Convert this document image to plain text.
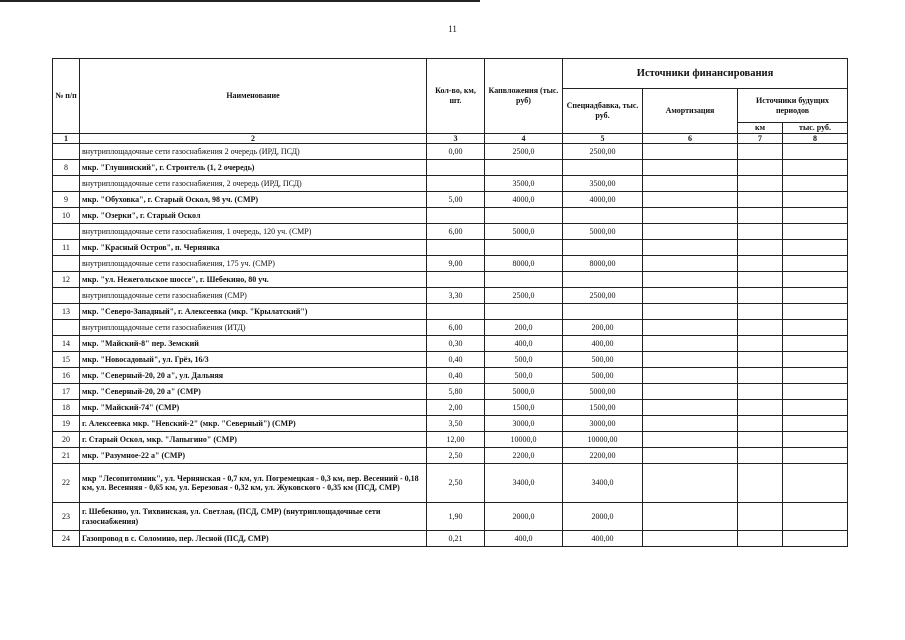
11
№ п/п	Наименование	Кол-во, км, шт.	Капвложения (тыс. руб)	Источники финансирования			
				Спецнадбавка, тыс. руб.	Амортизация	Источники будущих периодов	
						км	тыс. руб.
1	2	3	4	5	6	7	8
	внутриплощадочные сети газоснабжения 2 очередь (ИРД, ПСД)	0,00	2500,0	2500,00			
8	мкр. "Глушинский", г. Строитель (1, 2 очередь)						
	внутриплощадочные сети газоснабжения, 2 очередь (ИРД, ПСД)		3500,0	3500,00			
9	мкр. "Обуховка", г. Старый Оскол, 98 уч. (СМР)	5,00	4000,0	4000,00			
10	мкр. "Озерки", г. Старый Оскол						
	внутриплощадочные сети газоснабжения, 1 очередь, 120 уч. (СМР)	6,00	5000,0	5000,00			
11	мкр. "Красный Остров", п. Чернянка						
	внутриплощадочные сети газоснабжения, 175 уч. (СМР)	9,00	8000,0	8000,00			
12	мкр. "ул. Нежегольское шоссе", г. Шебекино, 80 уч.						
	внутриплощадочные сети газоснабжения (СМР)	3,30	2500,0	2500,00			
13	мкр. "Северо-Западный", г. Алексеевка (мкр. "Крылатский")						
	внутриплощадочные сети газоснабжения (ИТД)	6,00	200,0	200,00			
14	мкр. "Майский-8" пер. Земский	0,30	400,0	400,00			
15	мкр. "Новосадовый", ул. Грёз, 16/3	0,40	500,0	500,00			
16	мкр. "Северный-20, 20 а", ул. Дальняя	0,40	500,0	500,00			
17	мкр. "Северный-20, 20 а" (СМР)	5,80	5000,0	5000,00			
18	мкр. "Майский-74" (СМР)	2,00	1500,0	1500,00			
19	г. Алексеевка мкр. "Невский-2" (мкр. "Северный") (СМР)	3,50	3000,0	3000,00			
20	г. Старый Оскол, мкр. "Лапыгино" (СМР)	12,00	10000,0	10000,00			
21	мкр. "Разумное-22 а" (СМР)	2,50	2200,0	2200,00			
22	мкр "Лесопитомник", ул. Чернянская - 0,7 км, ул. Погремецкая - 0,3 км, пер. Весенний - 0,18 км, ул. Весенняя - 0,65 км, ул. Березовая - 0,32 км, ул. Жуковского - 0,35 км (ПСД, СМР)	2,50	3400,0	3400,0			
23	г. Шебекино, ул. Тихвинская, ул. Светлая, (ПСД, СМР) (внутриплощадочные сети газоснабжения)	1,90	2000,0	2000,0			
24	Газопровод в с. Соломино, пер. Лесной (ПСД, СМР)	0,21	400,0	400,00			
